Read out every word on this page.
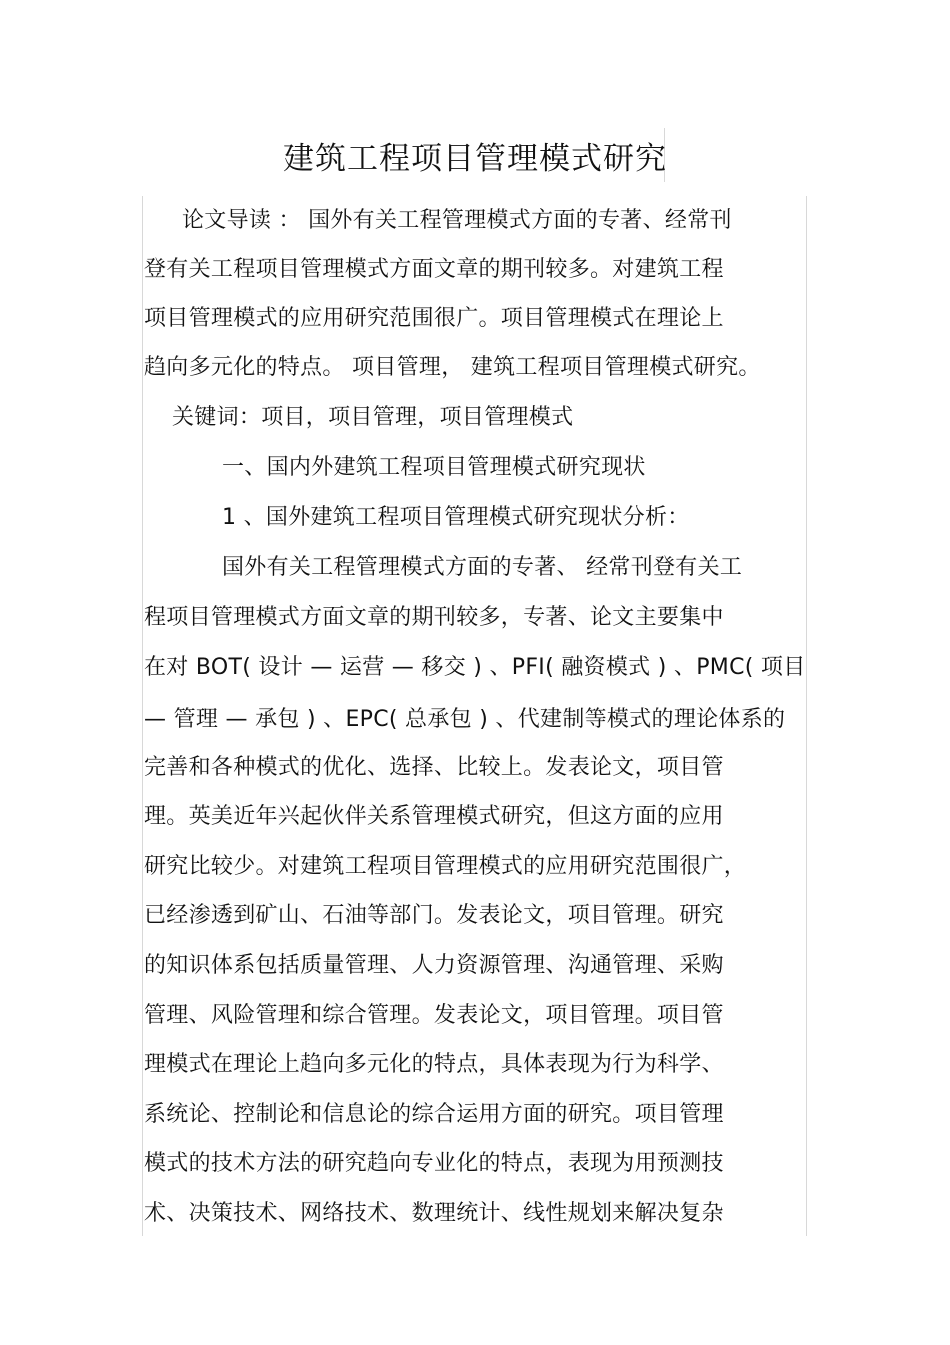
建筑工程项目管理模式研究
论文导读 ： 国外有关工程管理模式方面的专著、经常刊
登有关工程项目管理模式方面文章的期刊较多。对建筑工程
项目管理模式的应用研究范围很广。项目管理模式在理论上
趋向多元化的特点。 项目管理， 建筑工程项目管理模式研究。
关键词：项目，项目管理，项目管理模式
一、国内外建筑工程项目管理模式研究现状
1 、国外建筑工程项目管理模式研究现状分析：
国外有关工程管理模式方面的专著、 经常刊登有关工
程项目管理模式方面文章的期刊较多，专著、论文主要集中
在对 BOT( 设计 — 运营 — 移交 ) 、PFI( 融资模式 ) 、PMC( 项目
— 管理 — 承包 ) 、EPC( 总承包 ) 、代建制等模式的理论体系的
完善和各种模式的优化、选择、比较上。发表论文，项目管
理。英美近年兴起伙伴关系管理模式研究，但这方面的应用
研究比较少。对建筑工程项目管理模式的应用研究范围很广，
已经渗透到矿山、石油等部门。发表论文，项目管理。研究
的知识体系包括质量管理、人力资源管理、沟通管理、采购
管理、风险管理和综合管理。发表论文，项目管理。项目管
理模式在理论上趋向多元化的特点，具体表现为行为科学、
系统论、控制论和信息论的综合运用方面的研究。项目管理
模式的技术方法的研究趋向专业化的特点，表现为用预测技
术、决策技术、网络技术、数理统计、线性规划来解决复杂
